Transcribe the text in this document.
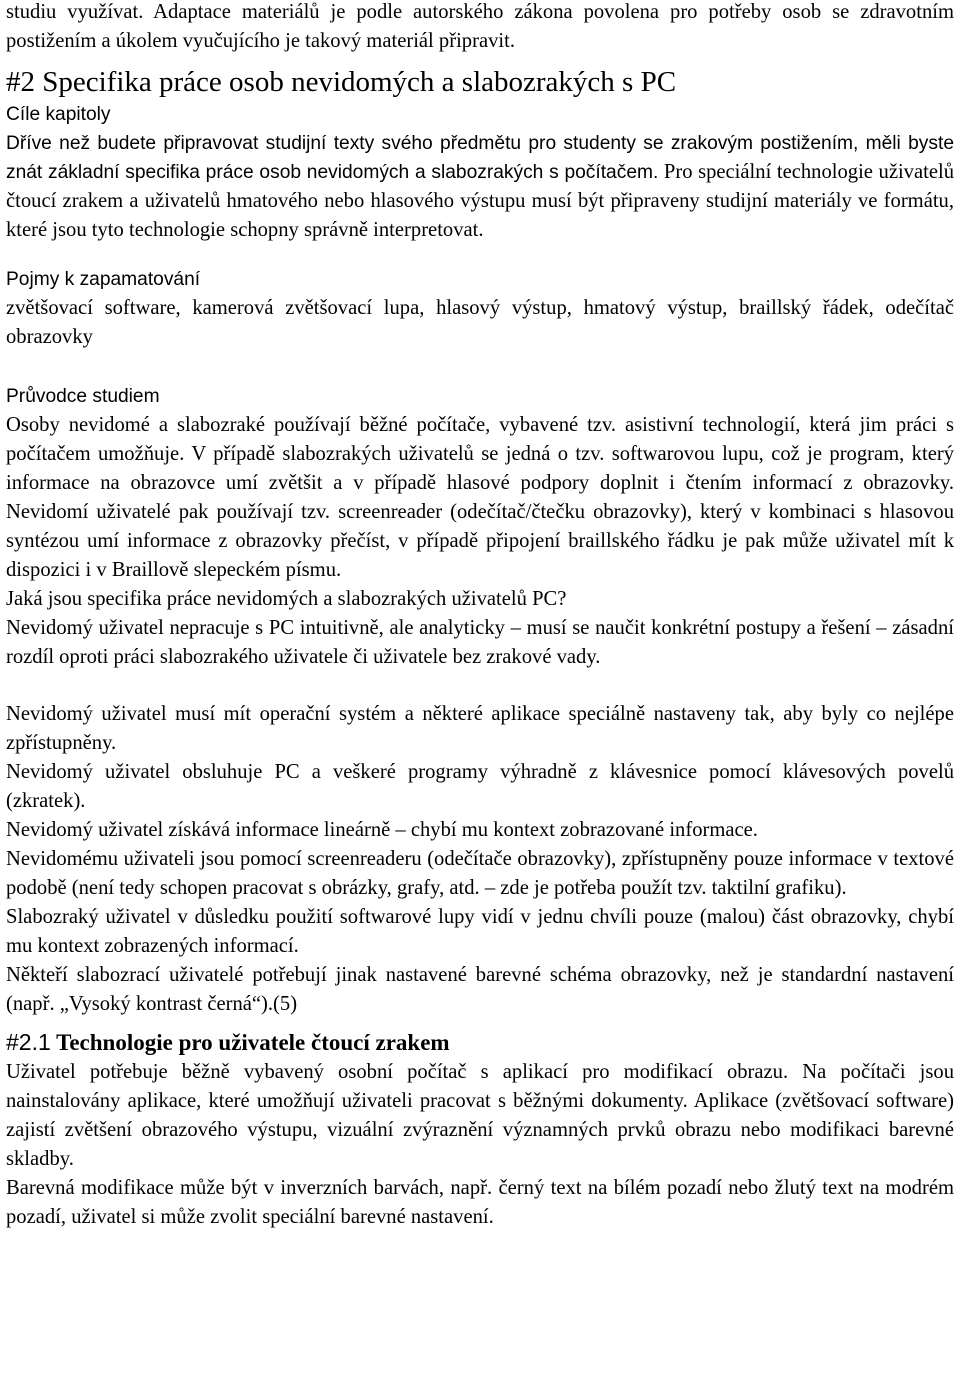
studiu využívat. Adaptace materiálů je podle autorského zákona povolena pro potřeby osob se zdravotním postižením a úkolem vyučujícího je takový materiál připravit.

#2 Specifika práce osob nevidomých a slabozrakých s PC
Cíle kapitoly

Dříve než budete připravovat studijní texty svého předmětu pro studenty se zrakovým postižením, měli byste znát základní specifika práce osob nevidomých a slabozrakých s počítačem. Pro speciální technologie uživatelů čtoucí zrakem a uživatelů hmatového nebo hlasového výstupu musí být připraveny studijní materiály ve formátu, které jsou tyto technologie schopny správně interpretovat.

Pojmy k zapamatování

zvětšovací software, kamerová zvětšovací lupa, hlasový výstup, hmatový výstup, braillský řádek, odečítač obrazovky

Průvodce studiem

Osoby nevidomé a slabozraké používají běžné počítače, vybavené tzv. asistivní technologií, která jim práci s počítačem umožňuje. V případě slabozrakých uživatelů se jedná o tzv. softwarovou lupu, což je program, který informace na obrazovce umí zvětšit a v případě hlasové podpory doplnit i čtením informací z obrazovky. Nevidomí uživatelé pak používají tzv. screenreader (odečítač/čtečku obrazovky), který v kombinaci s hlasovou syntézou umí informace z obrazovky přečíst, v případě připojení braillského řádku je pak může uživatel mít k dispozici i v Braillově slepeckém písmu.

Jaká jsou specifika práce nevidomých a slabozrakých uživatelů PC?

Nevidomý uživatel nepracuje s PC intuitivně, ale analyticky – musí se naučit konkrétní postupy a řešení – zásadní rozdíl oproti práci slabozrakého uživatele či uživatele bez zrakové vady.

Nevidomý uživatel musí mít operační systém a některé aplikace speciálně nastaveny tak, aby byly co nejlépe zpřístupněny.

Nevidomý uživatel obsluhuje PC a veškeré programy výhradně z klávesnice pomocí klávesových povelů (zkratek).

Nevidomý uživatel získává informace lineárně – chybí mu kontext zobrazované informace.

Nevidomému uživateli jsou pomocí screenreaderu (odečítače obrazovky), zpřístupněny pouze informace v textové podobě (není tedy schopen pracovat s obrázky, grafy, atd. – zde je potřeba použít tzv. taktilní grafiku).

Slabozraký uživatel v důsledku použití softwarové lupy vidí v jednu chvíli pouze (malou) část obrazovky, chybí mu kontext zobrazených informací.

Někteří slabozrací uživatelé potřebují jinak nastavené barevné schéma obrazovky, než je standardní nastavení (např. „Vysoký kontrast černá“).(5)

#2.1 Technologie pro uživatele čtoucí zrakem

Uživatel potřebuje běžně vybavený osobní počítač s aplikací pro modifikací obrazu. Na počítači jsou nainstalovány aplikace, které umožňují uživateli pracovat s běžnými dokumenty. Aplikace (zvětšovací software) zajistí zvětšení obrazového výstupu, vizuální zvýraznění významných prvků obrazu nebo modifikaci barevné skladby.

Barevná modifikace může být v inverzních barvách, např. černý text na bílém pozadí nebo žlutý text na modrém pozadí, uživatel si může zvolit speciální barevné nastavení.
